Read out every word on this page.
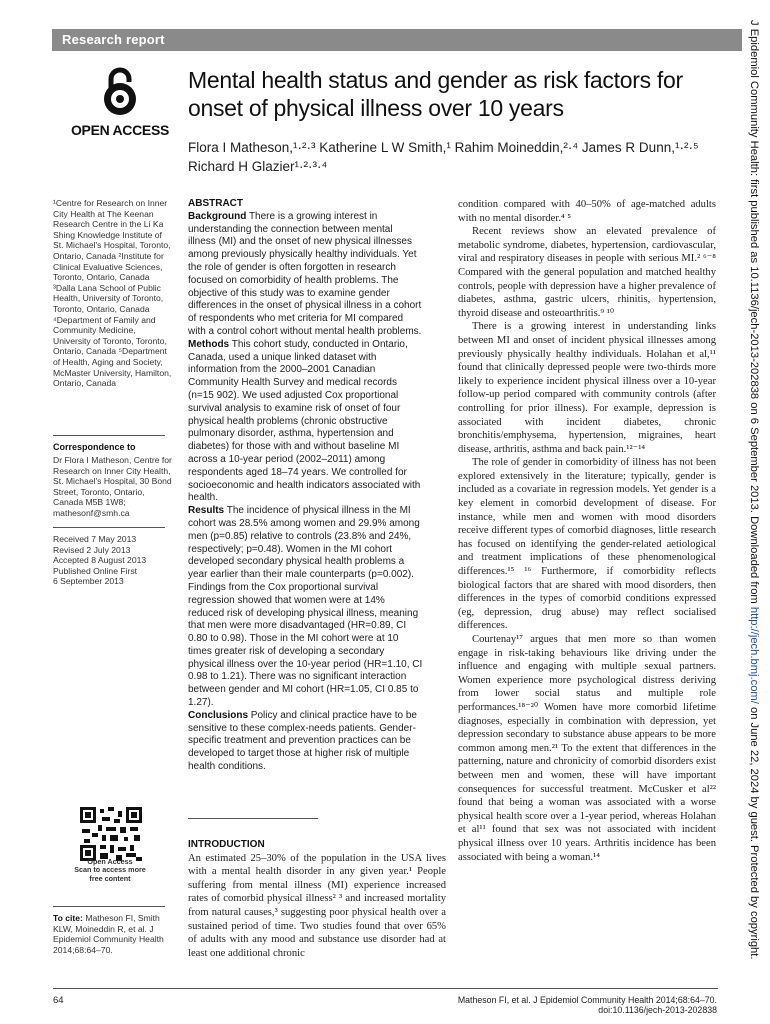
Research report	J Epidemiol Community Health: first published as 10.1136/jech-2013-202838 on 6 September 2013. Downloaded from http://jech.bmj.com/ on June 22, 2024 by guest. Protected by copyright.
OPEN ACCESS
Mental health status and gender as risk factors for onset of physical illness over 10 years
Flora I Matheson,¹·²·³ Katherine L W Smith,¹ Rahim Moineddin,²·⁴ James R Dunn,¹·²·⁵ Richard H Glazier¹·²·³·⁴
¹Centre for Research on Inner City Health at The Keenan Research Centre in the Li Ka Shing Knowledge Institute of St. Michael's Hospital, Toronto, Ontario, Canada ²Institute for Clinical Evaluative Sciences, Toronto, Ontario, Canada ³Dalla Lana School of Public Health, University of Toronto, Toronto, Ontario, Canada ⁴Department of Family and Community Medicine, University of Toronto, Toronto, Ontario, Canada ⁵Department of Health, Aging and Society, McMaster University, Hamilton, Ontario, Canada
Correspondence to
Dr Flora I Matheson, Centre for Research on Inner City Health, St. Michael's Hospital, 30 Bond Street, Toronto, Ontario, Canada M5B 1W8; mathesonf@smh.ca
Received 7 May 2013
Revised 2 July 2013
Accepted 8 August 2013
Published Online First
6 September 2013
Open Access
Scan to access more
free content
To cite: Matheson FI, Smith KLW, Moineddin R, et al. J Epidemiol Community Health 2014;68:64–70.
ABSTRACT
Background There is a growing interest in understanding the connection between mental illness (MI) and the onset of new physical illnesses among previously physically healthy individuals. Yet the role of gender is often forgotten in research focused on comorbidity of health problems. The objective of this study was to examine gender differences in the onset of physical illness in a cohort of respondents who met criteria for MI compared with a control cohort without mental health problems.
Methods This cohort study, conducted in Ontario, Canada, used a unique linked dataset with information from the 2000–2001 Canadian Community Health Survey and medical records (n=15 902). We used adjusted Cox proportional survival analysis to examine risk of onset of four physical health problems (chronic obstructive pulmonary disorder, asthma, hypertension and diabetes) for those with and without baseline MI across a 10-year period (2002–2011) among respondents aged 18–74 years. We controlled for socioeconomic and health indicators associated with health.
Results The incidence of physical illness in the MI cohort was 28.5% among women and 29.9% among men (p=0.85) relative to controls (23.8% and 24%, respectively; p=0.48). Women in the MI cohort developed secondary physical health problems a year earlier than their male counterparts (p=0.002). Findings from the Cox proportional survival regression showed that women were at 14% reduced risk of developing physical illness, meaning that men were more disadvantaged (HR=0.89, CI 0.80 to 0.98). Those in the MI cohort were at 10 times greater risk of developing a secondary physical illness over the 10-year period (HR=1.10, CI 0.98 to 1.21). There was no significant interaction between gender and MI cohort (HR=1.05, CI 0.85 to 1.27).
Conclusions Policy and clinical practice have to be sensitive to these complex-needs patients. Gender-specific treatment and prevention practices can be developed to target those at higher risk of multiple health conditions.
INTRODUCTION
An estimated 25–30% of the population in the USA lives with a mental health disorder in any given year.¹ People suffering from mental illness (MI) experience increased rates of comorbid physical illness² ³ and increased mortality from natural causes,³ suggesting poor physical health over a sustained period of time. Two studies found that over 65% of adults with any mood and substance use disorder had at least one additional chronic

condition compared with 40–50% of age-matched adults with no mental disorder.⁴ ⁵

Recent reviews show an elevated prevalence of metabolic syndrome, diabetes, hypertension, cardiovascular, viral and respiratory diseases in people with serious MI.² ⁶⁻⁸ Compared with the general population and matched healthy controls, people with depression have a higher prevalence of diabetes, asthma, gastric ulcers, rhinitis, hypertension, thyroid disease and osteoarthritis.⁹ ¹⁰

There is a growing interest in understanding links between MI and onset of incident physical illnesses among previously physically healthy individuals. Holahan et al,¹¹ found that clinically depressed people were two-thirds more likely to experience incident physical illness over a 10-year follow-up period compared with community controls (after controlling for prior illness). For example, depression is associated with incident diabetes, chronic bronchitis/emphysema, hypertension, migraines, heart disease, arthritis, asthma and back pain.¹²⁻¹⁴

The role of gender in comorbidity of illness has not been explored extensively in the literature; typically, gender is included as a covariate in regression models. Yet gender is a key element in comorbid development of disease. For instance, while men and women with mood disorders receive different types of comorbid diagnoses, little research has focused on identifying the gender-related aetiological and treatment implications of these phenomenological differences.¹⁵ ¹⁶ Furthermore, if comorbidity reflects biological factors that are shared with mood disorders, then differences in the types of comorbid conditions expressed (eg, depression, drug abuse) may reflect socialised differences.

Courtenay¹⁷ argues that men more so than women engage in risk-taking behaviours like driving under the influence and engaging with multiple sexual partners. Women experience more psychological distress deriving from lower social status and multiple role performances.¹⁸⁻²⁰ Women have more comorbid lifetime diagnoses, especially in combination with depression, yet depression secondary to substance abuse appears to be more common among men.²¹ To the extent that differences in the patterning, nature and chronicity of comorbid disorders exist between men and women, these will have important consequences for successful treatment. McCusker et al²² found that being a woman was associated with a worse physical health score over a 1-year period, whereas Holahan et al¹¹ found that sex was not associated with incident physical illness over 10 years. Arthritis incidence has been associated with being a woman.¹⁴

64	Matheson FI, et al. J Epidemiol Community Health 2014;68:64–70. doi:10.1136/jech-2013-202838
